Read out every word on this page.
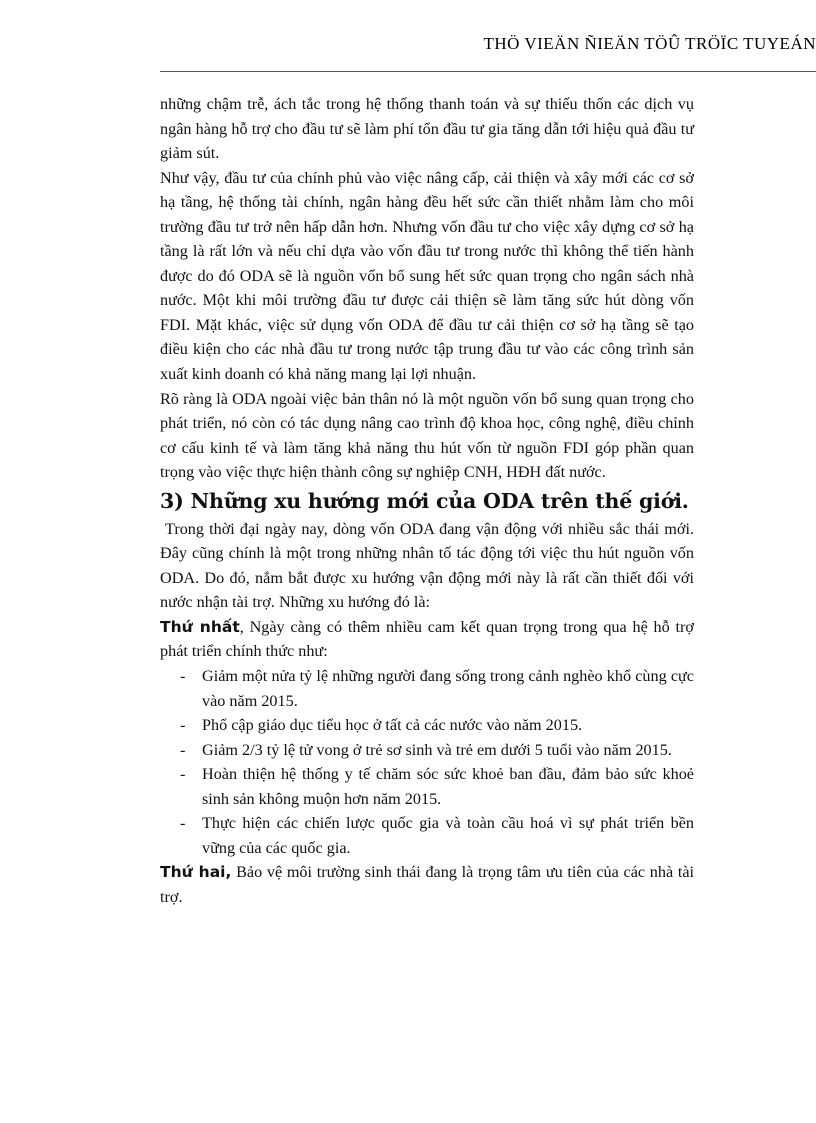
THÖ VIEÄN ÑIEÄN TÖÛ TRÖÏC TUYEÁN

những chậm trễ, ách tắc trong hệ thống thanh toán và sự thiếu thốn các dịch vụ ngân hàng hỗ trợ cho đầu tư sẽ làm phí tổn đầu tư gia tăng dẫn tới hiệu quả đầu tư giảm sút.

Như vậy, đầu tư của chính phủ vào việc nâng cấp, cải thiện và xây mới các cơ sở hạ tầng, hệ thống tài chính, ngân hàng đều hết sức cần thiết nhằm làm cho môi trường đầu tư trở nên hấp dẫn hơn. Nhưng vốn đầu tư cho việc xây dựng cơ sở hạ tầng là rất lớn và nếu chỉ dựa vào vốn đầu tư trong nước thì không thể tiến hành được do đó ODA sẽ là nguồn vốn bổ sung hết sức quan trọng cho ngân sách nhà nước. Một khi môi trường đầu tư được cải thiện sẽ làm tăng sức hút dòng vốn FDI. Mặt khác, việc sử dụng vốn ODA để đầu tư cải thiện cơ sở hạ tầng sẽ tạo điều kiện cho các nhà đầu tư trong nước tập trung đầu tư vào các công trình sản xuất kinh doanh có khả năng mang lại lợi nhuận.

Rõ ràng là ODA ngoài việc bản thân nó là một nguồn vốn bổ sung quan trọng cho phát triển, nó còn có tác dụng nâng cao trình độ khoa học, công nghệ, điều chỉnh cơ cấu kinh tế và làm tăng khả năng thu hút vốn từ nguồn FDI góp phần quan trọng vào việc thực hiện thành công sự nghiệp CNH, HĐH đất nước.

3) Những xu hướng mới của ODA trên thế giới.

Trong thời đại ngày nay, dòng vốn ODA đang vận động với nhiều sắc thái mới. Đây cũng chính là một trong những nhân tố tác động tới việc thu hút nguồn vốn ODA. Do đó, nắm bắt được xu hướng vận động mới này là rất cần thiết đối với nước nhận tài trợ. Những xu hướng đó là:

Thứ nhất, Ngày càng có thêm nhiều cam kết quan trọng trong qua hệ hỗ trợ phát triển chính thức như:

- Giảm một nửa tỷ lệ những người đang sống trong cảnh nghèo khổ cùng cực vào năm 2015.
- Phổ cập giáo dục tiểu học ở tất cả các nước vào năm 2015.
- Giảm 2/3 tỷ lệ tử vong ở trẻ sơ sinh và trẻ em dưới 5 tuổi vào năm 2015.
- Hoàn thiện hệ thống y tế chăm sóc sức khoẻ ban đầu, đảm bảo sức khoẻ sinh sản không muộn hơn năm 2015.
- Thực hiện các chiến lược quốc gia và toàn cầu hoá vì sự phát triển bền vững của các quốc gia.

Thứ hai, Bảo vệ môi trường sinh thái đang là trọng tâm ưu tiên của các nhà tài trợ.
